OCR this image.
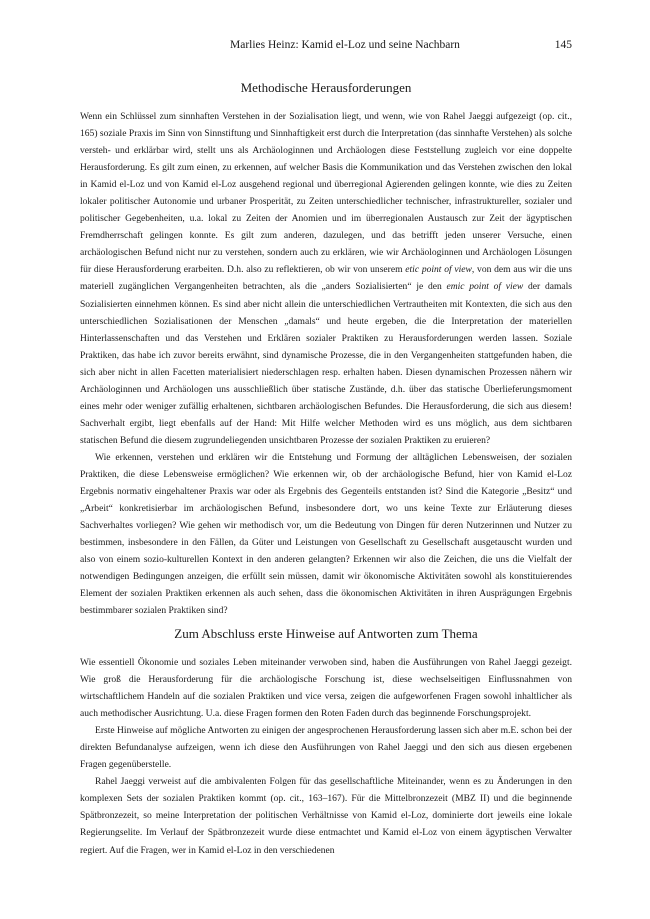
Marlies Heinz: Kamid el-Loz und seine Nachbarn	145
Methodische Herausforderungen

Wenn ein Schlüssel zum sinnhaften Verstehen in der Sozialisation liegt, und wenn, wie von Rahel Jaeggi aufgezeigt (op. cit., 165) soziale Praxis im Sinn von Sinnstiftung und Sinnhaftigkeit erst durch die Interpretation (das sinnhafte Verstehen) als solche versteh- und erklärbar wird, stellt uns als Archäologinnen und Archäologen diese Feststellung zugleich vor eine doppelte Herausforderung. Es gilt zum einen, zu erkennen, auf welcher Basis die Kommunikation und das Verstehen zwischen den lokal in Kamid el-Loz und von Kamid el-Loz ausgehend regional und überregional Agierenden gelingen konnte, wie dies zu Zeiten lokaler politischer Autonomie und urbaner Prosperität, zu Zeiten unterschiedlicher technischer, infrastruktureller, sozialer und politischer Gegebenheiten, u.a. lokal zu Zeiten der Anomien und im überregionalen Austausch zur Zeit der ägyptischen Fremdherrschaft gelingen konnte. Es gilt zum anderen, dazulegen, und das betrifft jeden unserer Versuche, einen archäologischen Befund nicht nur zu verstehen, sondern auch zu erklären, wie wir Archäologinnen und Archäologen Lösungen für diese Herausforderung erarbeiten. D.h. also zu reflektieren, ob wir von unserem etic point of view, von dem aus wir die uns materiell zugänglichen Vergangenheiten betrachten, als die „anders Sozialisierten“ je den emic point of view der damals Sozialisierten einnehmen können. Es sind aber nicht allein die unterschiedlichen Vertrautheiten mit Kontexten, die sich aus den unterschiedlichen Sozialisationen der Menschen „damals“ und heute ergeben, die die Interpretation der materiellen Hinterlassenschaften und das Verstehen und Erklären sozialer Praktiken zu Herausforderungen werden lassen. Soziale Praktiken, das habe ich zuvor bereits erwähnt, sind dynamische Prozesse, die in den Vergangenheiten stattgefunden haben, die sich aber nicht in allen Facetten materialisiert niederschlagen resp. erhalten haben. Diesen dynamischen Prozessen nähern wir Archäologinnen und Archäologen uns ausschließlich über statische Zustände, d.h. über das statische Überlieferungsmoment eines mehr oder weniger zufällig erhaltenen, sichtbaren archäologischen Befundes. Die Herausforderung, die sich aus diesem! Sachverhalt ergibt, liegt ebenfalls auf der Hand: Mit Hilfe welcher Methoden wird es uns möglich, aus dem sichtbaren statischen Befund die diesem zugrundeliegenden unsichtbaren Prozesse der sozialen Praktiken zu eruieren?

Wie erkennen, verstehen und erklären wir die Entstehung und Formung der alltäglichen Lebensweisen, der sozialen Praktiken, die diese Lebensweise ermöglichen? Wie erkennen wir, ob der archäologische Befund, hier von Kamid el-Loz Ergebnis normativ eingehaltener Praxis war oder als Ergebnis des Gegenteils entstanden ist? Sind die Kategorie „Besitz“ und „Arbeit“ konkretisierbar im archäologischen Befund, insbesondere dort, wo uns keine Texte zur Erläuterung dieses Sachverhaltes vorliegen? Wie gehen wir methodisch vor, um die Bedeutung von Dingen für deren Nutzerinnen und Nutzer zu bestimmen, insbesondere in den Fällen, da Güter und Leistungen von Gesellschaft zu Gesellschaft ausgetauscht wurden und also von einem sozio-kulturellen Kontext in den anderen gelangten? Erkennen wir also die Zeichen, die uns die Vielfalt der notwendigen Bedingungen anzeigen, die erfüllt sein müssen, damit wir ökonomische Aktivitäten sowohl als konstituierendes Element der sozialen Praktiken erkennen als auch sehen, dass die ökonomischen Aktivitäten in ihren Ausprägungen Ergebnis bestimmbarer sozialen Praktiken sind?

Zum Abschluss erste Hinweise auf Antworten zum Thema

Wie essentiell Ökonomie und soziales Leben miteinander verwoben sind, haben die Ausführungen von Rahel Jaeggi gezeigt. Wie groß die Herausforderung für die archäologische Forschung ist, diese wechselseitigen Einflussnahmen von wirtschaftlichem Handeln auf die sozialen Praktiken und vice versa, zeigen die aufgeworfenen Fragen sowohl inhaltlicher als auch methodischer Ausrichtung. U.a. diese Fragen formen den Roten Faden durch das beginnende Forschungsprojekt.

Erste Hinweise auf mögliche Antworten zu einigen der angesprochenen Herausforderung lassen sich aber m.E. schon bei der direkten Befundanalyse aufzeigen, wenn ich diese den Ausführungen von Rahel Jaeggi und den sich aus diesen ergebenen Fragen gegenüberstelle.

Rahel Jaeggi verweist auf die ambivalenten Folgen für das gesellschaftliche Miteinander, wenn es zu Änderungen in den komplexen Sets der sozialen Praktiken kommt (op. cit., 163–167). Für die Mittelbronzezeit (MBZ II) und die beginnende Spätbronzezeit, so meine Interpretation der politischen Verhältnisse von Kamid el-Loz, dominierte dort jeweils eine lokale Regierungselite. Im Verlauf der Spätbronzezeit wurde diese entmachtet und Kamid el-Loz von einem ägyptischen Verwalter regiert. Auf die Fragen, wer in Kamid el-Loz in den verschiedenen
